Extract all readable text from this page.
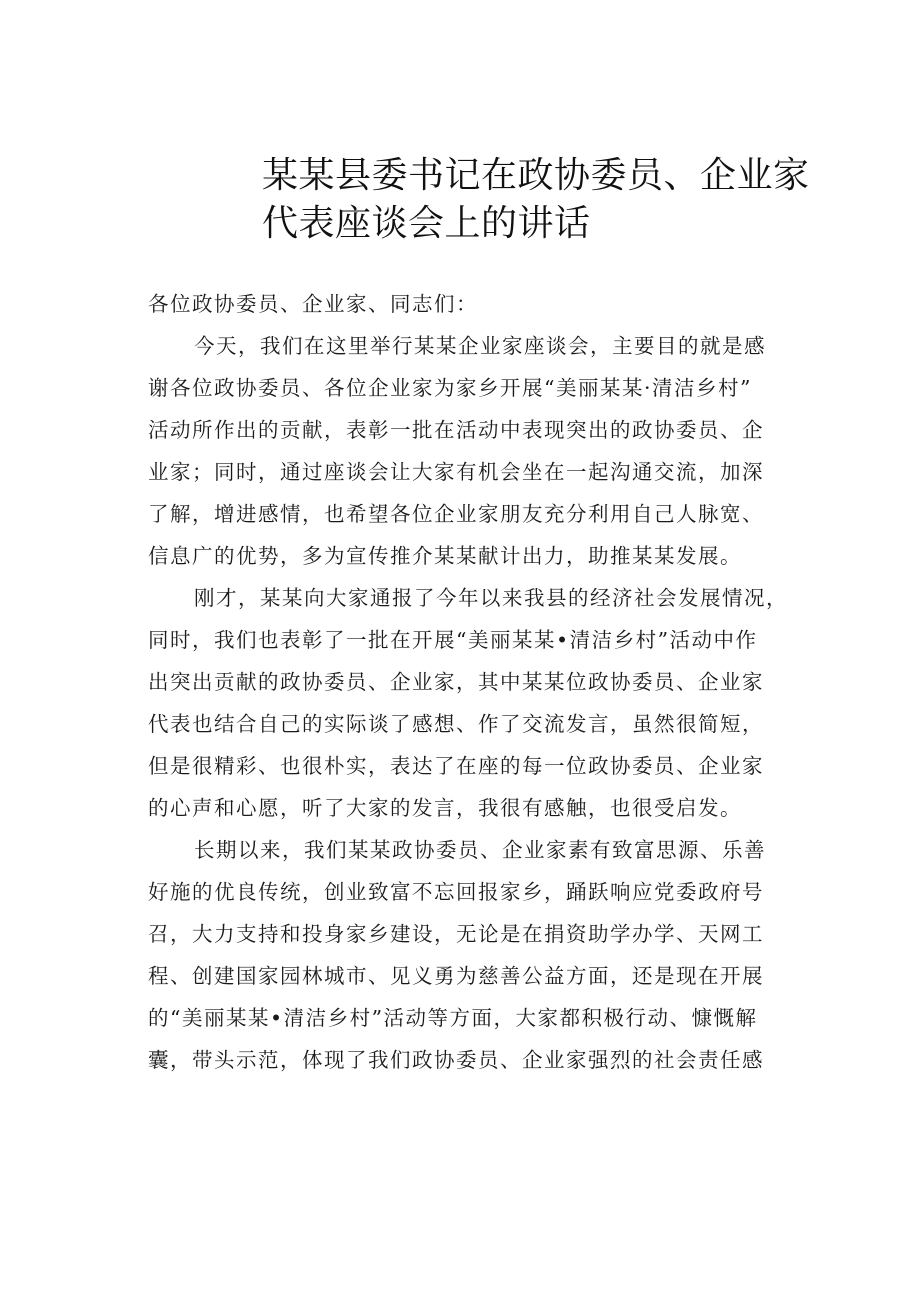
某某县委书记在政协委员、企业家
代表座谈会上的讲话
各位政协委员、企业家、同志们：
今天，我们在这里举行某某企业家座谈会，主要目的就是感
谢各位政协委员、各位企业家为家乡开展“美丽某某·清洁乡村”
活动所作出的贡献，表彰一批在活动中表现突出的政协委员、企
业家；同时，通过座谈会让大家有机会坐在一起沟通交流，加深
了解，增进感情，也希望各位企业家朋友充分利用自己人脉宽、
信息广的优势，多为宣传推介某某献计出力，助推某某发展。
刚才，某某向大家通报了今年以来我县的经济社会发展情况，
同时，我们也表彰了一批在开展“美丽某某•清洁乡村”活动中作
出突出贡献的政协委员、企业家，其中某某位政协委员、企业家
代表也结合自己的实际谈了感想、作了交流发言，虽然很简短，
但是很精彩、也很朴实，表达了在座的每一位政协委员、企业家
的心声和心愿，听了大家的发言，我很有感触，也很受启发。
长期以来，我们某某政协委员、企业家素有致富思源、乐善
好施的优良传统，创业致富不忘回报家乡，踊跃响应党委政府号
召，大力支持和投身家乡建设，无论是在捐资助学办学、天网工
程、创建国家园林城市、见义勇为慈善公益方面，还是现在开展
的“美丽某某•清洁乡村”活动等方面，大家都积极行动、慷慨解
囊，带头示范，体现了我们政协委员、企业家强烈的社会责任感
